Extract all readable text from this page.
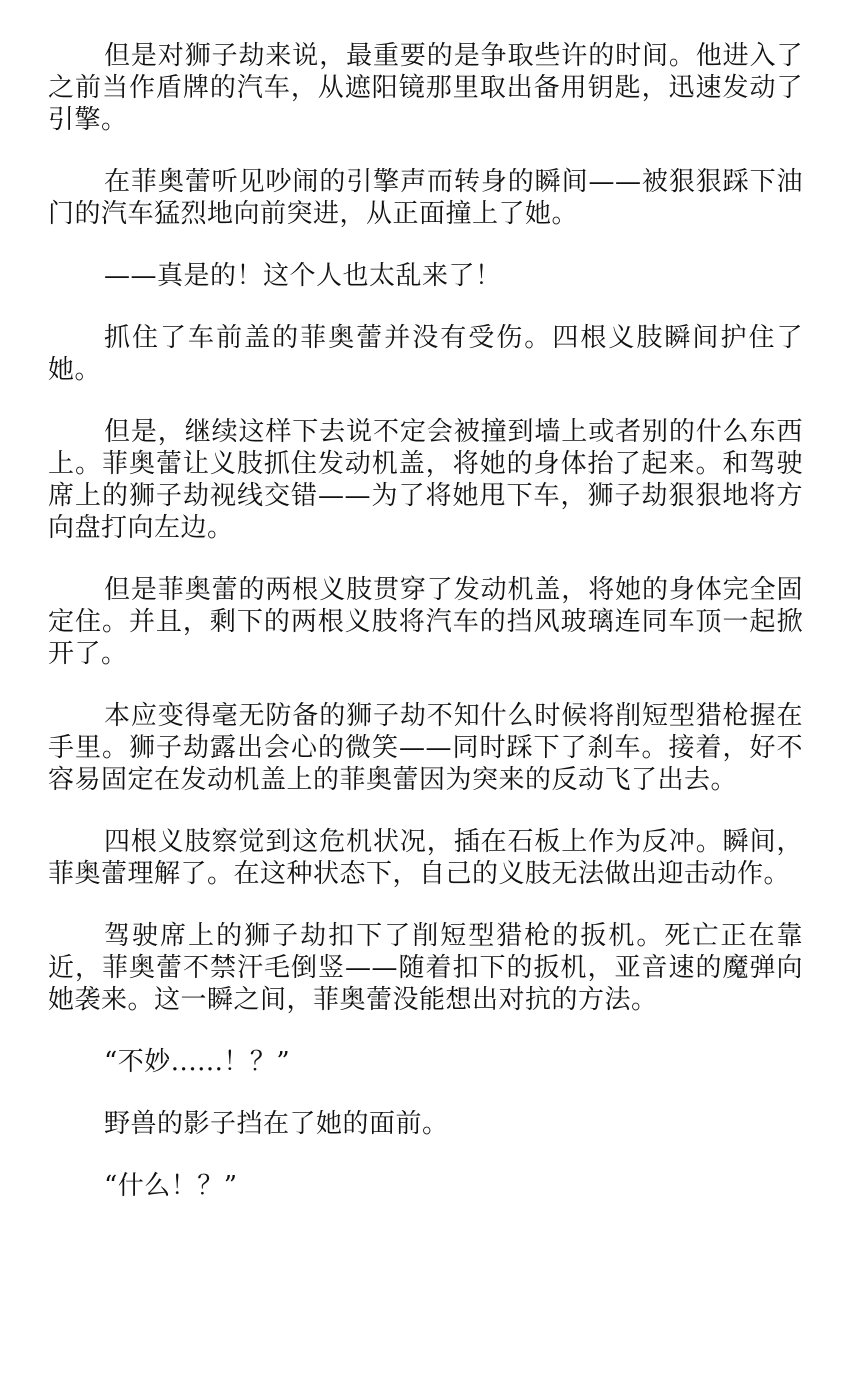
但是对狮子劫来说，最重要的是争取些许的时间。他进入了之前当作盾牌的汽车，从遮阳镜那里取出备用钥匙，迅速发动了引擎。

在菲奥蕾听见吵闹的引擎声而转身的瞬间——被狠狠踩下油门的汽车猛烈地向前突进，从正面撞上了她。

——真是的！这个人也太乱来了！

抓住了车前盖的菲奥蕾并没有受伤。四根义肢瞬间护住了她。

但是，继续这样下去说不定会被撞到墙上或者别的什么东西上。菲奥蕾让义肢抓住发动机盖，将她的身体抬了起来。和驾驶席上的狮子劫视线交错——为了将她甩下车，狮子劫狠狠地将方向盘打向左边。

但是菲奥蕾的两根义肢贯穿了发动机盖，将她的身体完全固定住。并且，剩下的两根义肢将汽车的挡风玻璃连同车顶一起掀开了。

本应变得毫无防备的狮子劫不知什么时候将削短型猎枪握在手里。狮子劫露出会心的微笑——同时踩下了刹车。接着，好不容易固定在发动机盖上的菲奥蕾因为突来的反动飞了出去。

四根义肢察觉到这危机状况，插在石板上作为反冲。瞬间，菲奥蕾理解了。在这种状态下，自己的义肢无法做出迎击动作。

驾驶席上的狮子劫扣下了削短型猎枪的扳机。死亡正在靠近，菲奥蕾不禁汗毛倒竖——随着扣下的扳机，亚音速的魔弹向她袭来。这一瞬之间，菲奥蕾没能想出对抗的方法。

“不妙......！？”

野兽的影子挡在了她的面前。

“什么！？”
